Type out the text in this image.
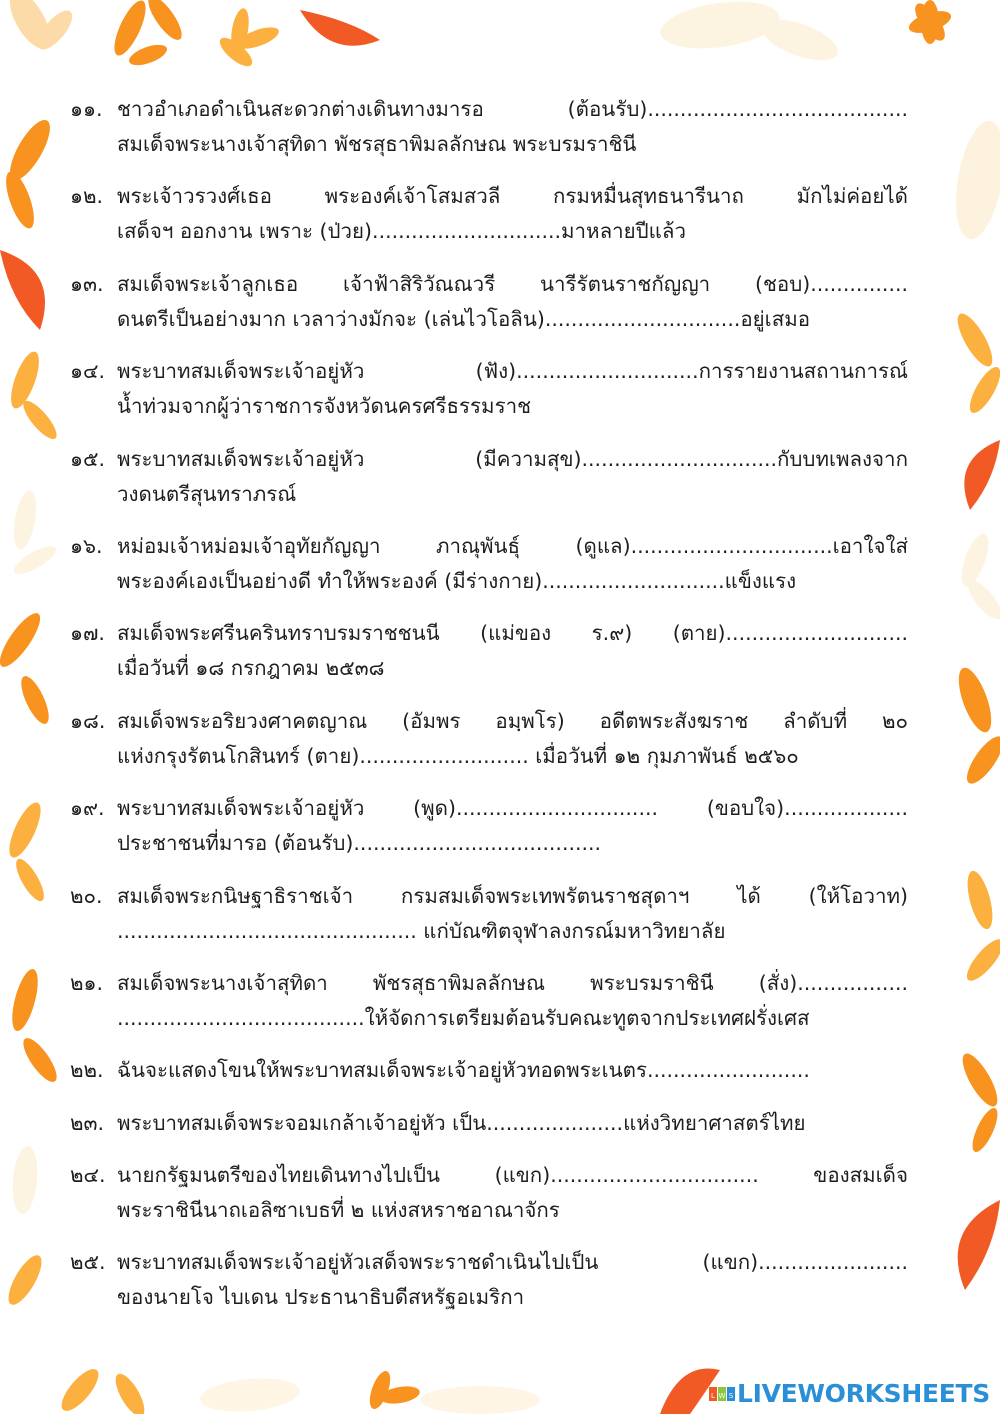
๑๑. ชาวอำเภอดำเนินสะดวกต่างเดินทางมารอ (ต้อนรับ)........................................
สมเด็จพระนางเจ้าสุทิดา พัชรสุธาพิมลลักษณ พระบรมราชินี
๑๒. พระเจ้าวรวงศ์เธอ พระองค์เจ้าโสมสวลี กรมหมื่นสุทธนารีนาถ มักไม่ค่อยได้
เสด็จฯ ออกงาน เพราะ (ป่วย).............................มาหลายปีแล้ว
๑๓. สมเด็จพระเจ้าลูกเธอ เจ้าฟ้าสิริวัณณวรี นารีรัตนราชกัญญา (ชอบ)...............
ดนตรีเป็นอย่างมาก เวลาว่างมักจะ (เล่นไวโอลิน)..............................อยู่เสมอ
๑๔. พระบาทสมเด็จพระเจ้าอยู่หัว (ฟัง)............................การรายงานสถานการณ์
น้ำท่วมจากผู้ว่าราชการจังหวัดนครศรีธรรมราช
๑๕. พระบาทสมเด็จพระเจ้าอยู่หัว (มีความสุข)..............................กับบทเพลงจาก
วงดนตรีสุนทราภรณ์
๑๖. หม่อมเจ้าหม่อมเจ้าอุทัยกัญญา ภาณุพันธุ์ (ดูแล)...............................เอาใจใส่
พระองค์เองเป็นอย่างดี ทำให้พระองค์ (มีร่างกาย)............................แข็งแรง
๑๗. สมเด็จพระศรีนครินทราบรมราชชนนี (แม่ของ ร.๙) (ตาย)............................
เมื่อวันที่ ๑๘ กรกฎาคม ๒๕๓๘
๑๘. สมเด็จพระอริยวงศาคตญาณ (อัมพร อมฺพโร) อดีตพระสังฆราช ลำดับที่ ๒๐
แห่งกรุงรัตนโกสินทร์ (ตาย).......................... เมื่อวันที่ ๑๒ กุมภาพันธ์ ๒๕๖๐
๑๙. พระบาทสมเด็จพระเจ้าอยู่หัว (พูด)............................... (ขอบใจ)...................
ประชาชนที่มารอ (ต้อนรับ)......................................
๒๐. สมเด็จพระกนิษฐาธิราชเจ้า กรมสมเด็จพระเทพรัตนราชสุดาฯ ได้ (ให้โอวาท)
.............................................. แก่บัณฑิตจุฬาลงกรณ์มหาวิทยาลัย
๒๑. สมเด็จพระนางเจ้าสุทิดา พัชรสุธาพิมลลักษณ พระบรมราชินี (สั่ง).................
......................................ให้จัดการเตรียมต้อนรับคณะทูตจากประเทศฝรั่งเศส
๒๒. ฉันจะแสดงโขนให้พระบาทสมเด็จพระเจ้าอยู่หัวทอดพระเนตร.........................
๒๓. พระบาทสมเด็จพระจอมเกล้าเจ้าอยู่หัว เป็น.....................แห่งวิทยาศาสตร์ไทย
๒๔. นายกรัฐมนตรีของไทยเดินทางไปเป็น (แขก)................................ ของสมเด็จ
พระราชินีนาถเอลิซาเบธที่ ๒ แห่งสหราชอาณาจักร
๒๕. พระบาทสมเด็จพระเจ้าอยู่หัวเสด็จพระราชดำเนินไปเป็น (แขก).......................
ของนายโจ ไบเดน ประธานาธิบดีสหรัฐอเมริกา
L W S LIVEWORKSHEETS
